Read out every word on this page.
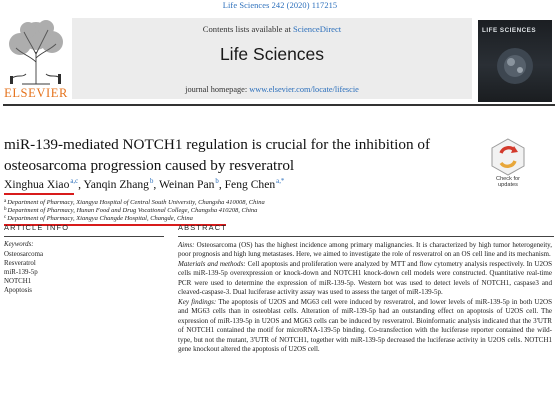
Life Sciences 242 (2020) 117215
ELSEVIER
Contents lists available at ScienceDirect
Life Sciences
journal homepage: www.elsevier.com/locate/lifescie
LIFE SCIENCES
miR-139-mediated NOTCH1 regulation is crucial for the inhibition of osteosarcoma progression caused by resveratrol
Check for
updates
Xinghua Xiao$^{a,c}$, Yanqin Zhang$^b$, Weinan Pan$^b$, Feng Chen$^{a,*}$
$^a$Department of Pharmacy, Xiangya Hospital of Central South University, Changsha 410008, China
$^b$Department of Pharmacy, Hunan Food and Drug Vocational College, Changsha 410208, China
$^c$Department of Pharmacy, Xiangya Changde Hospital, Changde, China
ARTICLE INFO	ABSTRACT
Keywords:
Osteosarcoma
Resveratrol
miR-139-5p
NOTCH1
Apoptosis

Aims: Osteosarcoma (OS) has the highest incidence among primary malignancies. It is characterized by high tumor heterogeneity, poor prognosis and high lung metastases. Here, we aimed to investigate the role of resveratrol on an OS cell line and its mechanism.

Materials and methods: Cell apoptosis and proliferation were analyzed by MTT and flow cytometry analysis respectively. In U2OS cells miR-139-5p overexpression or knock-down and NOTCH1 knock-down cell models were constructed. Quantitative real-time PCR were used to determine the expression of miR-139-5p. Western bot was used to detect levels of NOTCH1, caspase3 and cleaved-caspase-3. Dual luciferase activity assay was used to assess the target of miR-139-5p.

Key findings: The apoptosis of U2OS and MG63 cell were induced by resveratrol, and lower levels of miR-139-5p in both U2OS and MG63 cells than in osteoblast cells. Alteration of miR-139-5p had an outstanding effect on apoptosis of U2OS cell. The expression of miR-139-5p in U2OS and MG63 cells can be induced by resveratrol. Bioinformatic analysis indicated that the 3'UTR of NOTCH1 contained the motif for microRNA-139-5p binding. Co-transfection with the luciferase reporter contained the wild-type, but not the mutant, 3'UTR of NOTCH1, together with miR-139-5p decreased the luciferase activity in U2OS cells. NOTCH1 gene knockout altered the apoptosis of U2OS cell.
